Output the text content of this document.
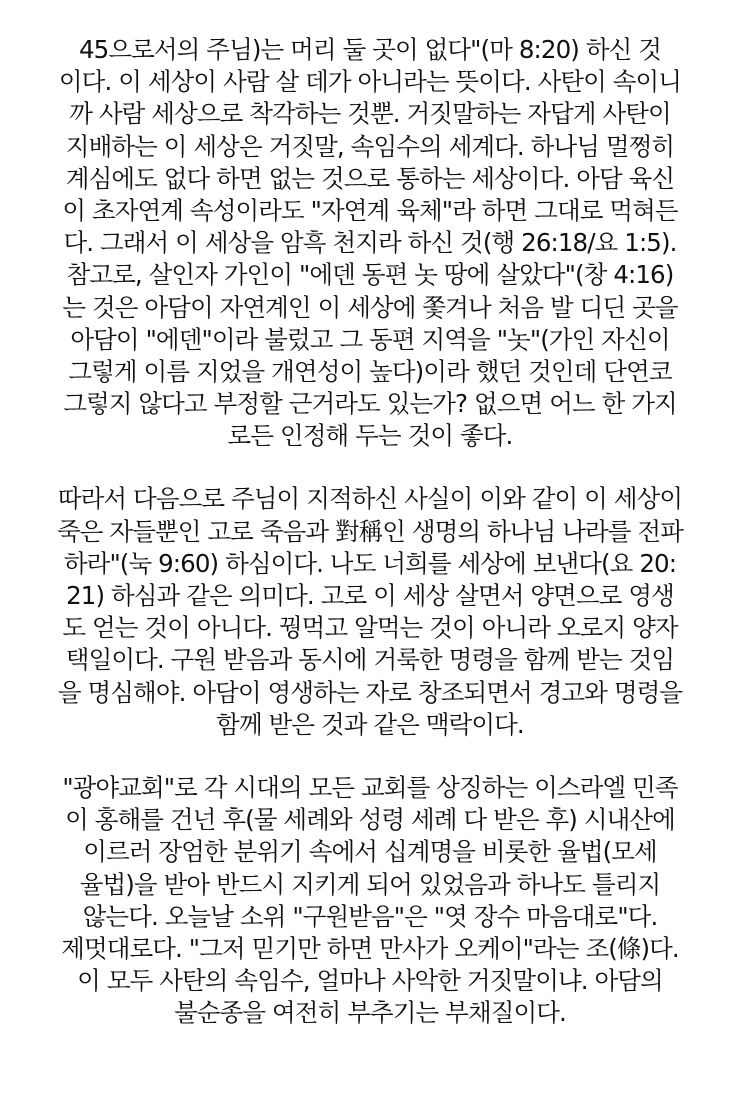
45으로서의 주님)는 머리 둘 곳이 없다"(마 8:20) 하신 것
이다. 이 세상이 사람 살 데가 아니라는 뜻이다. 사탄이 속이니
까 사람 세상으로 착각하는 것뿐. 거짓말하는 자답게 사탄이
지배하는 이 세상은 거짓말, 속임수의 세계다. 하나님 멀쩡히
계심에도 없다 하면 없는 것으로 통하는 세상이다. 아담 육신
이 초자연계 속성이라도 "자연계 육체"라 하면 그대로 먹혀든
다. 그래서 이 세상을 암흑 천지라 하신 것(행 26:18/요 1:5).
참고로, 살인자 가인이 "에덴 동편 놋 땅에 살았다"(창 4:16)
는 것은 아담이 자연계인 이 세상에 쫓겨나 처음 발 디딘 곳을
아담이 "에덴"이라 불렀고 그 동편 지역을 "놋"(가인 자신이
그렇게 이름 지었을 개연성이 높다)이라 했던 것인데 단연코
그렇지 않다고 부정할 근거라도 있는가? 없으면 어느 한 가지
로든 인정해 두는 것이 좋다.
따라서 다음으로 주님이 지적하신 사실이 이와 같이 이 세상이
죽은 자들뿐인 고로 죽음과 對稱인 생명의 하나님 나라를 전파
하라"(눅 9:60) 하심이다. 나도 너희를 세상에 보낸다(요 20:
21) 하심과 같은 의미다. 고로 이 세상 살면서 양면으로 영생
도 얻는 것이 아니다. 꿩먹고 알먹는 것이 아니라 오로지 양자
택일이다. 구원 받음과 동시에 거룩한 명령을 함께 받는 것임
을 명심해야. 아담이 영생하는 자로 창조되면서 경고와 명령을
함께 받은 것과 같은 맥락이다.
"광야교회"로 각 시대의 모든 교회를 상징하는 이스라엘 민족
이 홍해를 건넌 후(물 세례와 성령 세례 다 받은 후) 시내산에
이르러 장엄한 분위기 속에서 십계명을 비롯한 율법(모세
율법)을 받아 반드시 지키게 되어 있었음과 하나도 틀리지
않는다. 오늘날 소위 "구원받음"은 "엿 장수 마음대로"다.
제멋대로다. "그저 믿기만 하면 만사가 오케이"라는 조(條)다.
이 모두 사탄의 속임수, 얼마나 사악한 거짓말이냐. 아담의
불순종을 여전히 부추기는 부채질이다.
